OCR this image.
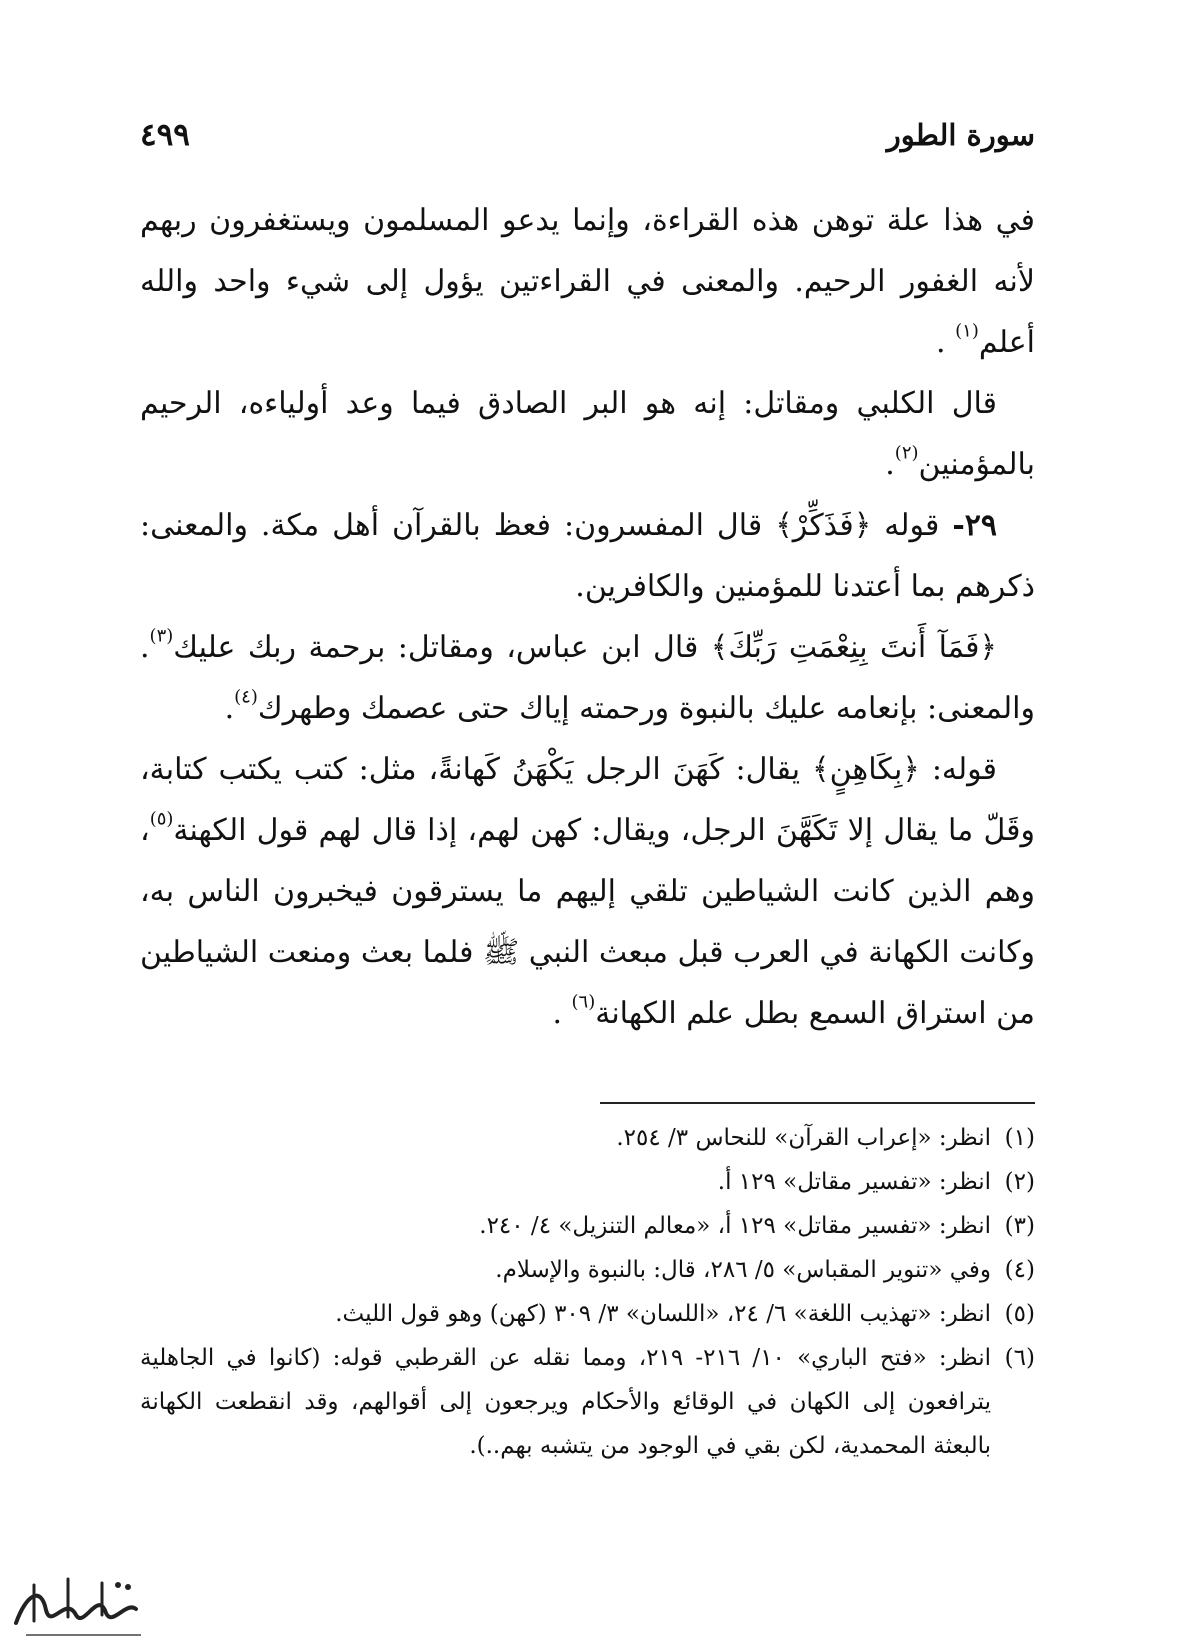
سورة الطور
٤٩٩

في هذا علة توهن هذه القراءة، وإنما يدعو المسلمون ويستغفرون ربهم لأنه الغفور الرحيم. والمعنى في القراءتين يؤول إلى شيء واحد والله أعلم$^{(١)}$ .

قال الكلبي ومقاتل: إنه هو البر الصادق فيما وعد أولياءه، الرحيم بالمؤمنين$^{(٢)}$.

٢٩- قوله ﴿فَذَكِّرْ﴾ قال المفسرون: فعظ بالقرآن أهل مكة. والمعنى: ذكرهم بما أعتدنا للمؤمنين والكافرين.

﴿فَمَآ أَنتَ بِنِعْمَتِ رَبِّكَ﴾ قال ابن عباس، ومقاتل: برحمة ربك عليك$^{(٣)}$. والمعنى: بإنعامه عليك بالنبوة ورحمته إياك حتى عصمك وطهرك$^{(٤)}$.

قوله: ﴿بِكَاهِنٍ﴾ يقال: كَهَنَ الرجل يَكْهَنُ كَهانةً، مثل: كتب يكتب كتابة، وقَلّ ما يقال إلا تَكَهَّنَ الرجل، ويقال: كهن لهم، إذا قال لهم قول الكهنة$^{(٥)}$، وهم الذين كانت الشياطين تلقي إليهم ما يسترقون فيخبرون الناس به، وكانت الكهانة في العرب قبل مبعث النبي ﷺ فلما بعث ومنعت الشياطين من استراق السمع بطل علم الكهانة$^{(٦)}$ .

(١)
انظر: «إعراب القرآن» للنحاس ٣/ ٢٥٤.

(٢)
انظر: «تفسير مقاتل» ١٢٩ أ.

(٣)
انظر: «تفسير مقاتل» ١٢٩ أ، «معالم التنزيل» ٤/ ٢٤٠.

(٤)
وفي «تنوير المقباس» ٥/ ٢٨٦، قال: بالنبوة والإسلام.

(٥)
انظر: «تهذيب اللغة» ٦/ ٢٤، «اللسان» ٣/ ٣٠٩ (كهن) وهو قول الليث.

(٦)
انظر: «فتح الباري» ١٠/ ٢١٦- ٢١٩، ومما نقله عن القرطبي قوله: (كانوا في الجاهلية يترافعون إلى الكهان في الوقائع والأحكام ويرجعون إلى أقوالهم، وقد انقطعت الكهانة بالبعثة المحمدية، لكن بقي في الوجود من يتشبه بهم..).
